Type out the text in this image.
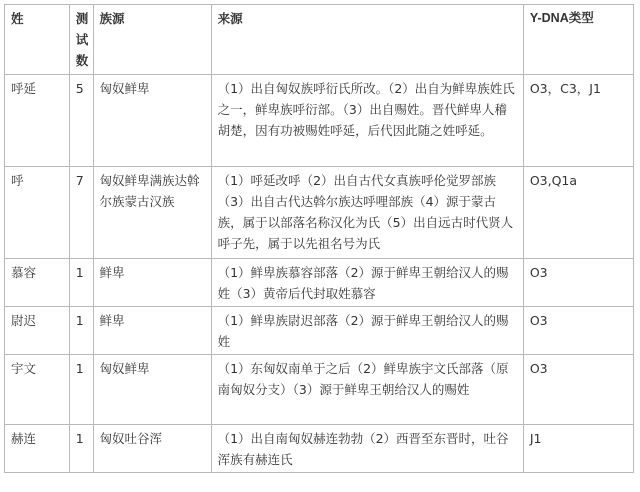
姓	测试数	族源	来源	Y-DNA类型
呼延	5	匈奴鲜卑	（1）出自匈奴族呼衍氏所改。（2）出自为鲜卑族姓氏之一，鲜卑族呼衍部。（3）出自赐姓。晋代鲜卑人稽胡楚，因有功被赐姓呼延，后代因此随之姓呼延。	O3，C3，J1
呼	7	匈奴鲜卑满族达斡尔族蒙古汉族	（1）呼延改呼（2）出自古代女真族呼伦觉罗部族（3）出自古代达斡尔族达呼哩部族（4）源于蒙古族，属于以部落名称汉化为氏（5）出自远古时代贤人呼子先，属于以先祖名号为氏	O3,Q1a
慕容	1	鲜卑	（1）鲜卑族慕容部落（2）源于鲜卑王朝给汉人的赐姓（3）黄帝后代封取姓慕容	O3
尉迟	1	鲜卑	（1）鲜卑族尉迟部落（2）源于鲜卑王朝给汉人的赐姓	O3
宇文	1	匈奴鲜卑	（1）东匈奴南单于之后（2）鲜卑族宇文氏部落（原南匈奴分支）（3）源于鲜卑王朝给汉人的赐姓	O3
赫连	1	匈奴吐谷浑	（1）出自南匈奴赫连勃勃（2）西晋至东晋时，吐谷浑族有赫连氏	J1
